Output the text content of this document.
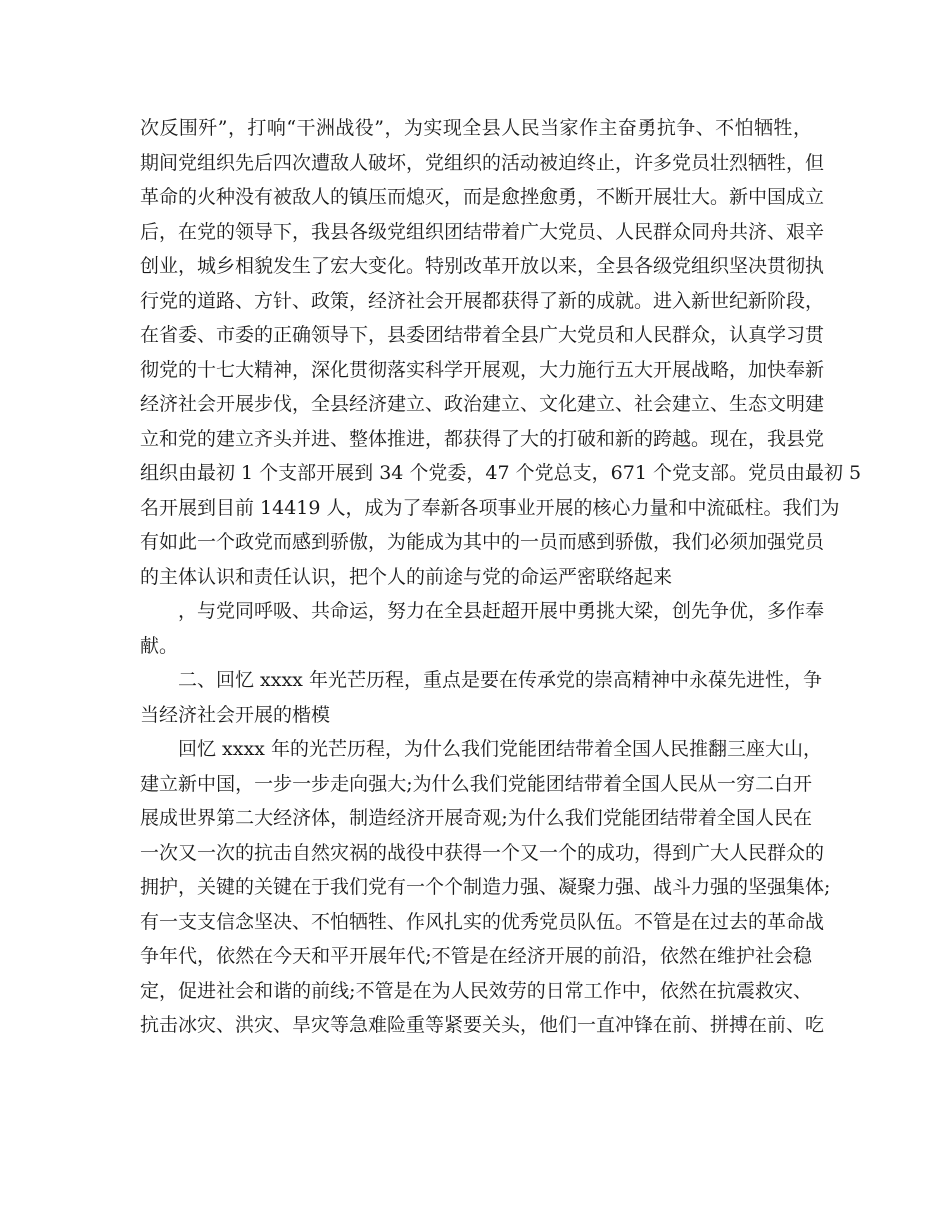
次反围歼”，打响“干洲战役”，为实现全县人民当家作主奋勇抗争、不怕牺牲，
期间党组织先后四次遭敌人破坏，党组织的活动被迫终止，许多党员壮烈牺牲，但
革命的火种没有被敌人的镇压而熄灭，而是愈挫愈勇，不断开展壮大。新中国成立
后，在党的领导下，我县各级党组织团结带着广大党员、人民群众同舟共济、艰辛
创业，城乡相貌发生了宏大变化。特别改革开放以来，全县各级党组织坚决贯彻执
行党的道路、方针、政策，经济社会开展都获得了新的成就。进入新世纪新阶段，
在省委、市委的正确领导下，县委团结带着全县广大党员和人民群众，认真学习贯
彻党的十七大精神，深化贯彻落实科学开展观，大力施行五大开展战略，加快奉新
经济社会开展步伐，全县经济建立、政治建立、文化建立、社会建立、生态文明建
立和党的建立齐头并进、整体推进，都获得了大的打破和新的跨越。现在，我县党
组织由最初 1 个支部开展到 34 个党委，47 个党总支，671 个党支部。党员由最初 5
名开展到目前 14419 人，成为了奉新各项事业开展的核心力量和中流砥柱。我们为
有如此一个政党而感到骄傲，为能成为其中的一员而感到骄傲，我们必须加强党员
的主体认识和责任认识，把个人的前途与党的命运严密联络起来
，与党同呼吸、共命运，努力在全县赶超开展中勇挑大梁，创先争优，多作奉
献。
二、回忆 xxxx 年光芒历程，重点是要在传承党的崇高精神中永葆先进性，争
当经济社会开展的楷模
回忆 xxxx 年的光芒历程，为什么我们党能团结带着全国人民推翻三座大山，
建立新中国，一步一步走向强大;为什么我们党能团结带着全国人民从一穷二白开
展成世界第二大经济体，制造经济开展奇观;为什么我们党能团结带着全国人民在
一次又一次的抗击自然灾祸的战役中获得一个又一个的成功，得到广大人民群众的
拥护，关键的关键在于我们党有一个个制造力强、凝聚力强、战斗力强的坚强集体;
有一支支信念坚决、不怕牺牲、作风扎实的优秀党员队伍。不管是在过去的革命战
争年代，依然在今天和平开展年代;不管是在经济开展的前沿，依然在维护社会稳
定，促进社会和谐的前线;不管是在为人民效劳的日常工作中，依然在抗震救灾、
抗击冰灾、洪灾、旱灾等急难险重等紧要关头，他们一直冲锋在前、拼搏在前、吃
